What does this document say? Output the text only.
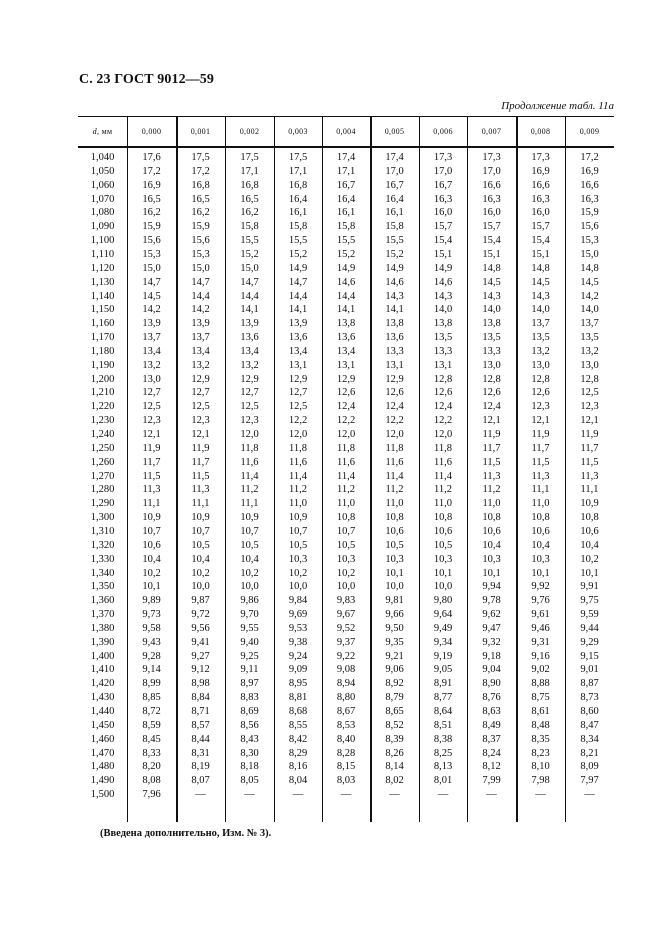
С. 23 ГОСТ 9012—59
Продолжение табл. 11а
d, мм	0,000	0,001	0,002	0,003	0,004	0,005	0,006	0,007	0,008	0,009
1,040	17,6	17,5	17,5	17,5	17,4	17,4	17,3	17,3	17,3	17,2
1,050	17,2	17,2	17,1	17,1	17,1	17,0	17,0	17,0	16,9	16,9
1,060	16,9	16,8	16,8	16,8	16,7	16,7	16,7	16,6	16,6	16,6
1,070	16,5	16,5	16,5	16,4	16,4	16,4	16,3	16,3	16,3	16,3
1,080	16,2	16,2	16,2	16,1	16,1	16,1	16,0	16,0	16,0	15,9
1,090	15,9	15,9	15,8	15,8	15,8	15,8	15,7	15,7	15,7	15,6
1,100	15,6	15,6	15,5	15,5	15,5	15,5	15,4	15,4	15,4	15,3
1,110	15,3	15,3	15,2	15,2	15,2	15,2	15,1	15,1	15,1	15,0
1,120	15,0	15,0	15,0	14,9	14,9	14,9	14,9	14,8	14,8	14,8
1,130	14,7	14,7	14,7	14,7	14,6	14,6	14,6	14,5	14,5	14,5
1,140	14,5	14,4	14,4	14,4	14,4	14,3	14,3	14,3	14,3	14,2
1,150	14,2	14,2	14,1	14,1	14,1	14,1	14,0	14,0	14,0	14,0
1,160	13,9	13,9	13,9	13,9	13,8	13,8	13,8	13,8	13,7	13,7
1,170	13,7	13,7	13,6	13,6	13,6	13,6	13,5	13,5	13,5	13,5
1,180	13,4	13,4	13,4	13,4	13,4	13,3	13,3	13,3	13,2	13,2
1,190	13,2	13,2	13,2	13,1	13,1	13,1	13,1	13,0	13,0	13,0
1,200	13,0	12,9	12,9	12,9	12,9	12,9	12,8	12,8	12,8	12,8
1,210	12,7	12,7	12,7	12,7	12,6	12,6	12,6	12,6	12,6	12,5
1,220	12,5	12,5	12,5	12,5	12,4	12,4	12,4	12,4	12,3	12,3
1,230	12,3	12,3	12,3	12,2	12,2	12,2	12,2	12,1	12,1	12,1
1,240	12,1	12,1	12,0	12,0	12,0	12,0	12,0	11,9	11,9	11,9
1,250	11,9	11,9	11,8	11,8	11,8	11,8	11,8	11,7	11,7	11,7
1,260	11,7	11,7	11,6	11,6	11,6	11,6	11,6	11,5	11,5	11,5
1,270	11,5	11,5	11,4	11,4	11,4	11,4	11,4	11,3	11,3	11,3
1,280	11,3	11,3	11,2	11,2	11,2	11,2	11,2	11,2	11,1	11,1
1,290	11,1	11,1	11,1	11,0	11,0	11,0	11,0	11,0	11,0	10,9
1,300	10,9	10,9	10,9	10,9	10,8	10,8	10,8	10,8	10,8	10,8
1,310	10,7	10,7	10,7	10,7	10,7	10,6	10,6	10,6	10,6	10,6
1,320	10,6	10,5	10,5	10,5	10,5	10,5	10,5	10,4	10,4	10,4
1,330	10,4	10,4	10,4	10,3	10,3	10,3	10,3	10,3	10,3	10,2
1,340	10,2	10,2	10,2	10,2	10,2	10,1	10,1	10,1	10,1	10,1
1,350	10,1	10,0	10,0	10,0	10,0	10,0	10,0	9,94	9,92	9,91
1,360	9,89	9,87	9,86	9,84	9,83	9,81	9,80	9,78	9,76	9,75
1,370	9,73	9,72	9,70	9,69	9,67	9,66	9,64	9,62	9,61	9,59
1,380	9,58	9,56	9,55	9,53	9,52	9,50	9,49	9,47	9,46	9,44
1,390	9,43	9,41	9,40	9,38	9,37	9,35	9,34	9,32	9,31	9,29
1,400	9,28	9,27	9,25	9,24	9,22	9,21	9,19	9,18	9,16	9,15
1,410	9,14	9,12	9,11	9,09	9,08	9,06	9,05	9,04	9,02	9,01
1,420	8,99	8,98	8,97	8,95	8,94	8,92	8,91	8,90	8,88	8,87
1,430	8,85	8,84	8,83	8,81	8,80	8,79	8,77	8,76	8,75	8,73
1,440	8,72	8,71	8,69	8,68	8,67	8,65	8,64	8,63	8,61	8,60
1,450	8,59	8,57	8,56	8,55	8,53	8,52	8,51	8,49	8,48	8,47
1,460	8,45	8,44	8,43	8,42	8,40	8,39	8,38	8,37	8,35	8,34
1,470	8,33	8,31	8,30	8,29	8,28	8,26	8,25	8,24	8,23	8,21
1,480	8,20	8,19	8,18	8,16	8,15	8,14	8,13	8,12	8,10	8,09
1,490	8,08	8,07	8,05	8,04	8,03	8,02	8,01	7,99	7,98	7,97
1,500	7,96	—	—	—	—	—	—	—	—	—
(Введена дополнительно, Изм. № 3).
